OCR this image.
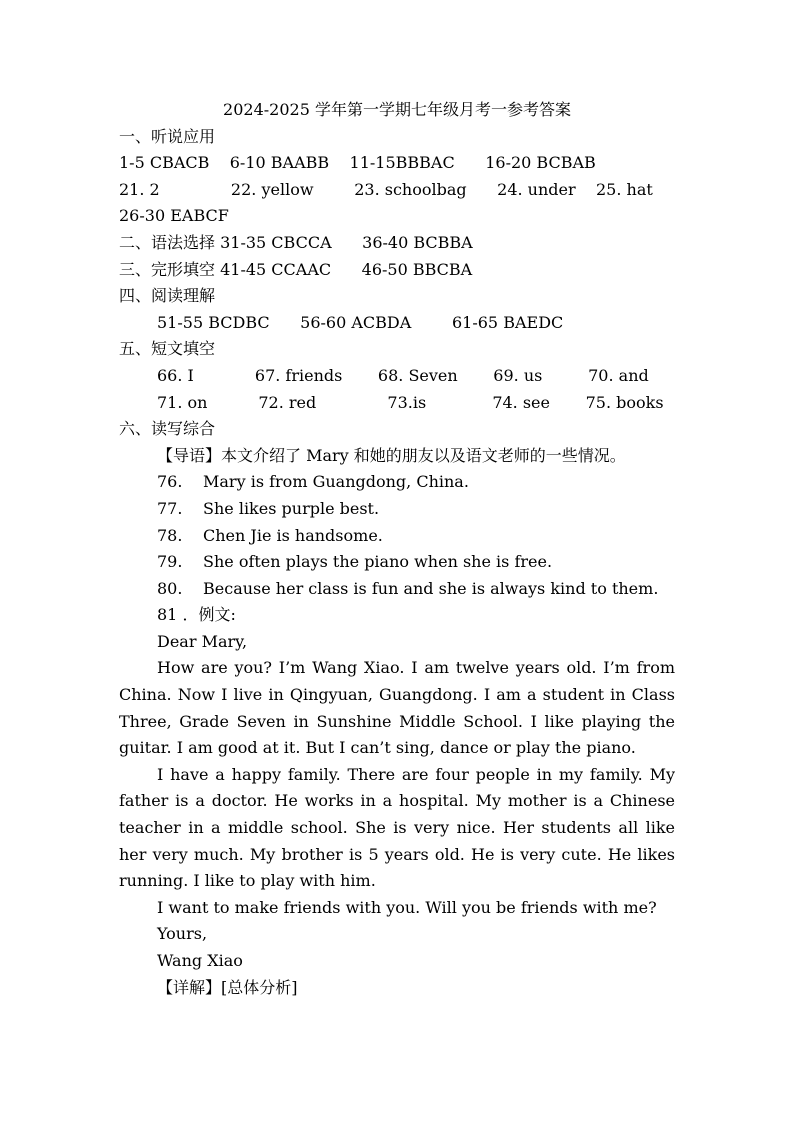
2024-2025 学年第一学期七年级月考一参考答案
一、听说应用
1-5 CBACB    6-10 BAABB    11-15BBBAC      16-20 BCBAB
21. 2              22. yellow        23. schoolbag      24. under    25. hat
26-30 EABCF
二、语法选择 31-35 CBCCA      36-40 BCBBA
三、完形填空 41-45 CCAAC      46-50 BBCBA
四、阅读理解
51-55 BCDBC      56-60 ACBDA        61-65 BAEDC
五、短文填空
66. I            67. friends       68. Seven       69. us         70. and
71. on          72. red              73.is             74. see       75. books
六、读写综合
【导语】本文介绍了 Mary 和她的朋友以及语文老师的一些情况。
76. Mary is from Guangdong, China.
77. She likes purple best.
78. Chen Jie is handsome.
79. She often plays the piano when she is free.
80. Because her class is fun and she is always kind to them.
81 ．例文:
Dear Mary,
How are you? I’m Wang Xiao. I am twelve years old. I’m from China. Now I live in Qingyuan, Guangdong. I am a student in Class Three, Grade Seven in Sunshine Middle School. I like playing the guitar. I am good at it. But I can’t sing, dance or play the piano.
I have a happy family. There are four people in my family. My father is a doctor. He works in a hospital. My mother is a Chinese teacher in a middle school. She is very nice. Her students all like her very much. My brother is 5 years old. He is very cute. He likes running. I like to play with him.
I want to make friends with you. Will you be friends with me?
Yours,
Wang Xiao
【详解】[总体分析]
